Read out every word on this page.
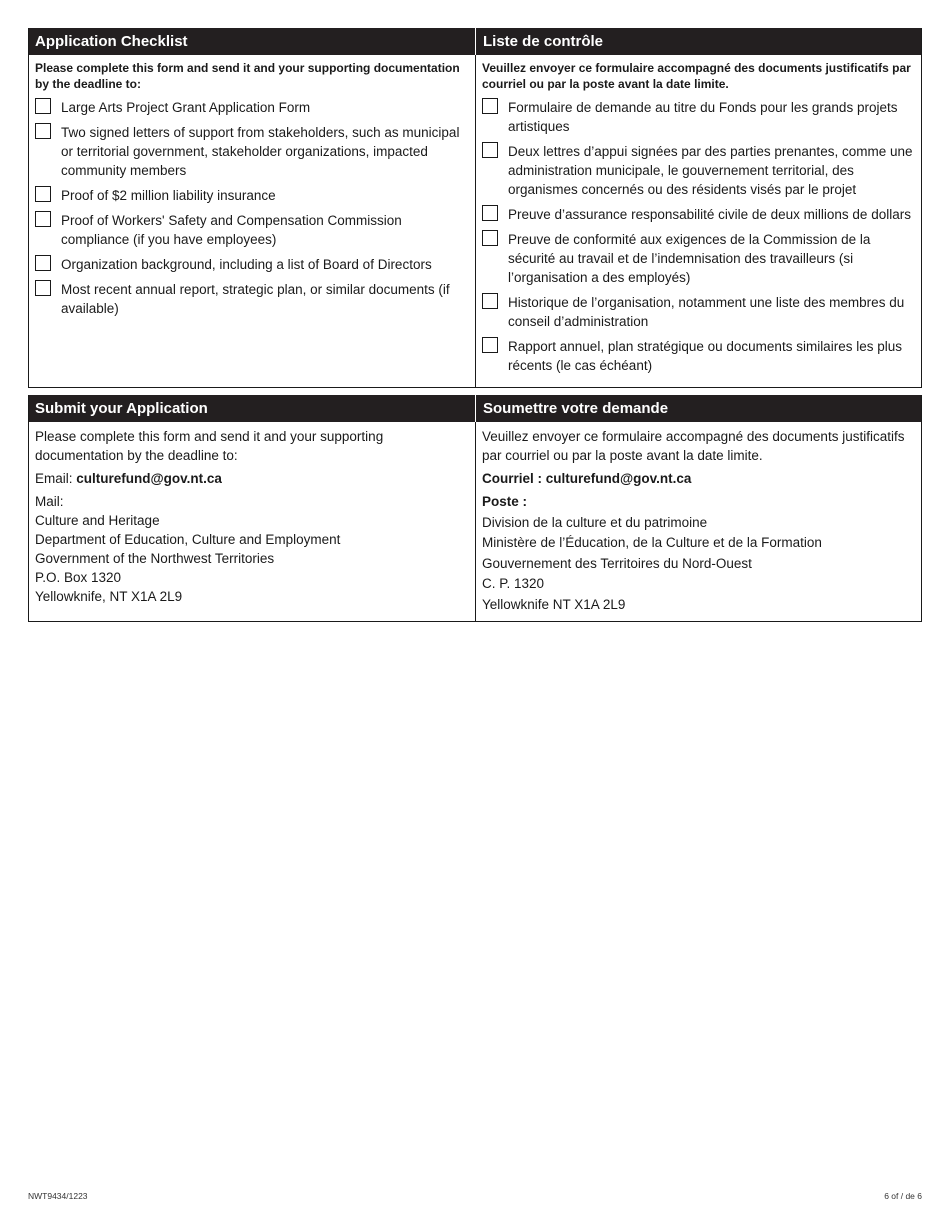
Application Checklist

Please complete this form and send it and your supporting documentation by the deadline to:

Large Arts Project Grant Application Form
Two signed letters of support from stakeholders, such as municipal or territorial government, stakeholder organizations, impacted community members
Proof of $2 million liability insurance
Proof of Workers' Safety and Compensation Commission compliance (if you have employees)
Organization background, including a list of Board of Directors
Most recent annual report, strategic plan, or similar documents (if available)
Liste de contrôle

Veuillez envoyer ce formulaire accompagné des documents justificatifs par courriel ou par la poste avant la date limite.

Formulaire de demande au titre du Fonds pour les grands projets artistiques
Deux lettres d’appui signées par des parties prenantes, comme une administration municipale, le gouvernement territorial, des organismes concernés ou des résidents visés par le projet
Preuve d’assurance responsabilité civile de deux millions de dollars
Preuve de conformité aux exigences de la Commission de la sécurité au travail et de l’indemnisation des travailleurs (si l’organisation a des employés)
Historique de l’organisation, notamment une liste des membres du conseil d’administration
Rapport annuel, plan stratégique ou documents similaires les plus récents (le cas échéant)
Submit your Application

Please complete this form and send it and your supporting documentation by the deadline to:

Email: culturefund@gov.nt.ca

Mail:
Culture and Heritage
Department of Education, Culture and Employment
Government of the Northwest Territories
P.O. Box 1320
Yellowknife, NT X1A 2L9
Soumettre votre demande

Veuillez envoyer ce formulaire accompagné des documents justificatifs par courriel ou par la poste avant la date limite.

Courriel : culturefund@gov.nt.ca

Poste :
Division de la culture et du patrimoine
Ministère de l’Éducation, de la Culture et de la Formation
Gouvernement des Territoires du Nord-Ouest
C. P. 1320
Yellowknife NT X1A 2L9
NWT9434/1223	6 of / de 6
